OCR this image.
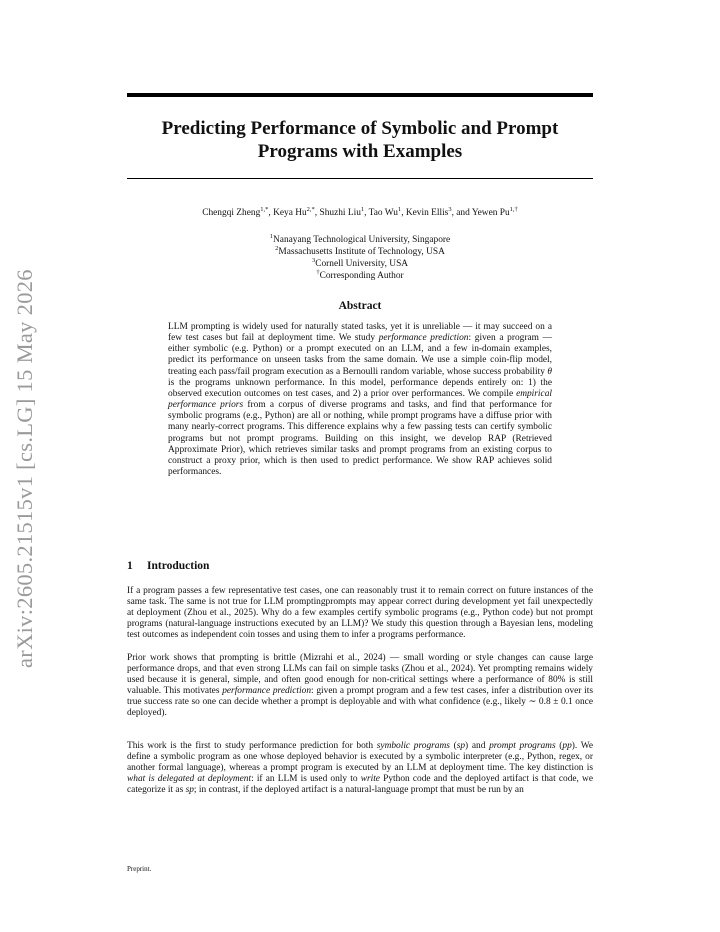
arXiv:2605.21515v1 [cs.LG] 15 May 2026
Predicting Performance of Symbolic and Prompt Programs with Examples
Chengqi Zheng$^{1,*}$, Keya $Hu^{2,*}$, Shuzhi Liu$^1$, Tao Wu$^1$, Kevin Ellis$^3$, and Yewen $Pu^{1,\dagger}$
$^1$Nanayang Technological University, Singapore
$^2$Massachusetts Institute of Technology, USA
$^3$Cornell University, USA
†Corresponding Author
Abstract

LLM prompting is widely used for naturally stated tasks, yet it is unreliable — it may succeed on a few test cases but fail at deployment time. We study performance prediction: given a program — either symbolic (e.g. Python) or a prompt executed on an LLM, and a few in-domain examples, predict its performance on unseen tasks from the same domain. We use a simple coin-flip model, treating each pass/fail program execution as a Bernoulli random variable, whose success probability θ is the programs unknown performance. In this model, performance depends entirely on: 1) the observed execution outcomes on test cases, and 2) a prior over performances. We compile empirical performance priors from a corpus of diverse programs and tasks, and find that performance for symbolic programs (e.g., Python) are all or nothing, while prompt programs have a diffuse prior with many nearly-correct programs. This difference explains why a few passing tests can certify symbolic programs but not prompt programs. Building on this insight, we develop RAP (Retrieved Approximate Prior), which retrieves similar tasks and prompt programs from an existing corpus to construct a proxy prior, which is then used to predict performance. We show RAP achieves solid performances.

1 Introduction

If a program passes a few representative test cases, one can reasonably trust it to remain correct on future instances of the same task. The same is not true for LLM promptingprompts may appear correct during development yet fail unexpectedly at deployment (Zhou et al., 2025). Why do a few examples certify symbolic programs (e.g., Python code) but not prompt programs (natural-language instructions executed by an LLM)? We study this question through a Bayesian lens, modeling test outcomes as independent coin tosses and using them to infer a programs performance.

Prior work shows that prompting is brittle (Mizrahi et al., 2024) — small wording or style changes can cause large performance drops, and that even strong LLMs can fail on simple tasks (Zhou et al., 2024). Yet prompting remains widely used because it is general, simple, and often good enough for non-critical settings where a performance of 80% is still valuable. This motivates performance prediction: given a prompt program and a few test cases, infer a distribution over its true success rate so one can decide whether a prompt is deployable and with what confidence (e.g., likely ∼ 0.8 ± 0.1 once deployed).

This work is the first to study performance prediction for both symbolic programs (sp) and prompt programs (pp). We define a symbolic program as one whose deployed behavior is executed by a symbolic interpreter (e.g., Python, regex, or another formal language), whereas a prompt program is executed by an LLM at deployment time. The key distinction is what is delegated at deployment: if an LLM is used only to write Python code and the deployed artifact is that code, we categorize it as sp; in contrast, if the deployed artifact is a natural-language prompt that must be run by an

Preprint.
